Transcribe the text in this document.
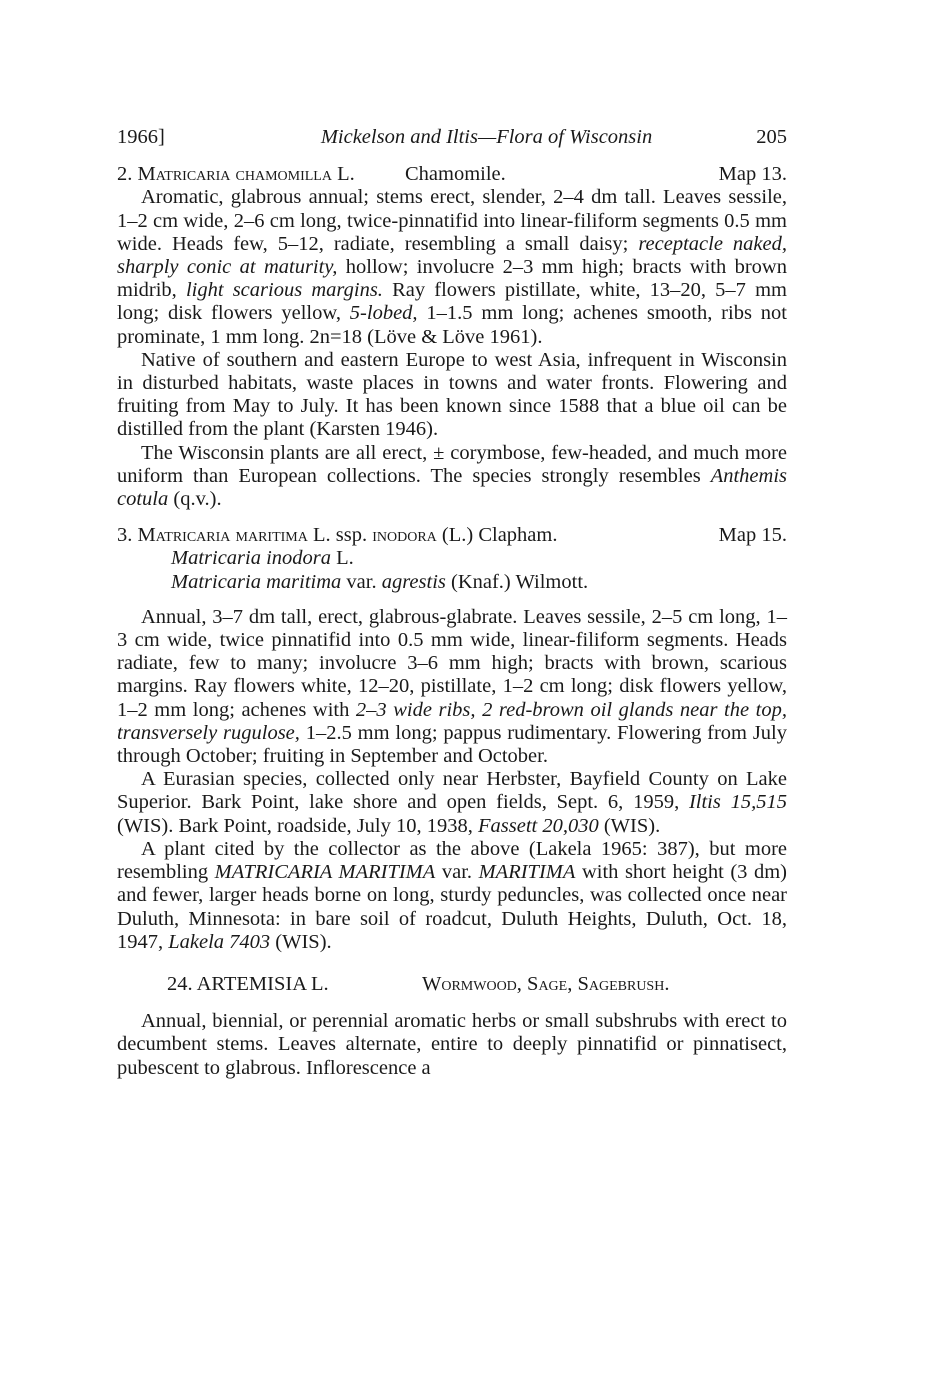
1966]	Mickelson and Iltis—Flora of Wisconsin	205
2. Matricaria chamomilla L. Chamomile.	Map 13.

Aromatic, glabrous annual; stems erect, slender, 2–4 dm tall. Leaves sessile, 1–2 cm wide, 2–6 cm long, twice-pinnatifid into linear-filiform segments 0.5 mm wide. Heads few, 5–12, radiate, resembling a small daisy; receptacle naked, sharply conic at maturity, hollow; involucre 2–3 mm high; bracts with brown midrib, light scarious margins. Ray flowers pistillate, white, 13–20, 5–7 mm long; disk flowers yellow, 5-lobed, 1–1.5 mm long; achenes smooth, ribs not prominate, 1 mm long. 2n=18 (Löve & Löve 1961).

Native of southern and eastern Europe to west Asia, infrequent in Wisconsin in disturbed habitats, waste places in towns and water fronts. Flowering and fruiting from May to July. It has been known since 1588 that a blue oil can be distilled from the plant (Karsten 1946).

The Wisconsin plants are all erect, ± corymbose, few-headed, and much more uniform than European collections. The species strongly resembles Anthemis cotula (q.v.).

3. Matricaria maritima L. ssp. inodora (L.) Clapham.	Map 15.

Matricaria inodora L.

Matricaria maritima var. agrestis (Knaf.) Wilmott.

Annual, 3–7 dm tall, erect, glabrous-glabrate. Leaves sessile, 2–5 cm long, 1–3 cm wide, twice pinnatifid into 0.5 mm wide, linear-filiform segments. Heads radiate, few to many; involucre 3–6 mm high; bracts with brown, scarious margins. Ray flowers white, 12–20, pistillate, 1–2 cm long; disk flowers yellow, 1–2 mm long; achenes with 2–3 wide ribs, 2 red-brown oil glands near the top, transversely rugulose, 1–2.5 mm long; pappus rudimentary. Flowering from July through October; fruiting in September and October.

A Eurasian species, collected only near Herbster, Bayfield County on Lake Superior. Bark Point, lake shore and open fields, Sept. 6, 1959, Iltis 15,515 (WIS). Bark Point, roadside, July 10, 1938, Fassett 20,030 (WIS).

A plant cited by the collector as the above (Lakela 1965: 387), but more resembling MATRICARIA MARITIMA var. MARITIMA with short height (3 dm) and fewer, larger heads borne on long, sturdy peduncles, was collected once near Duluth, Minnesota: in bare soil of roadcut, Duluth Heights, Duluth, Oct. 18, 1947, Lakela 7403 (WIS).

24. ARTEMISIA L.	Wormwood, Sage, Sagebrush.

Annual, biennial, or perennial aromatic herbs or small subshrubs with erect to decumbent stems. Leaves alternate, entire to deeply pinnatifid or pinnatisect, pubescent to glabrous. Inflorescence a
